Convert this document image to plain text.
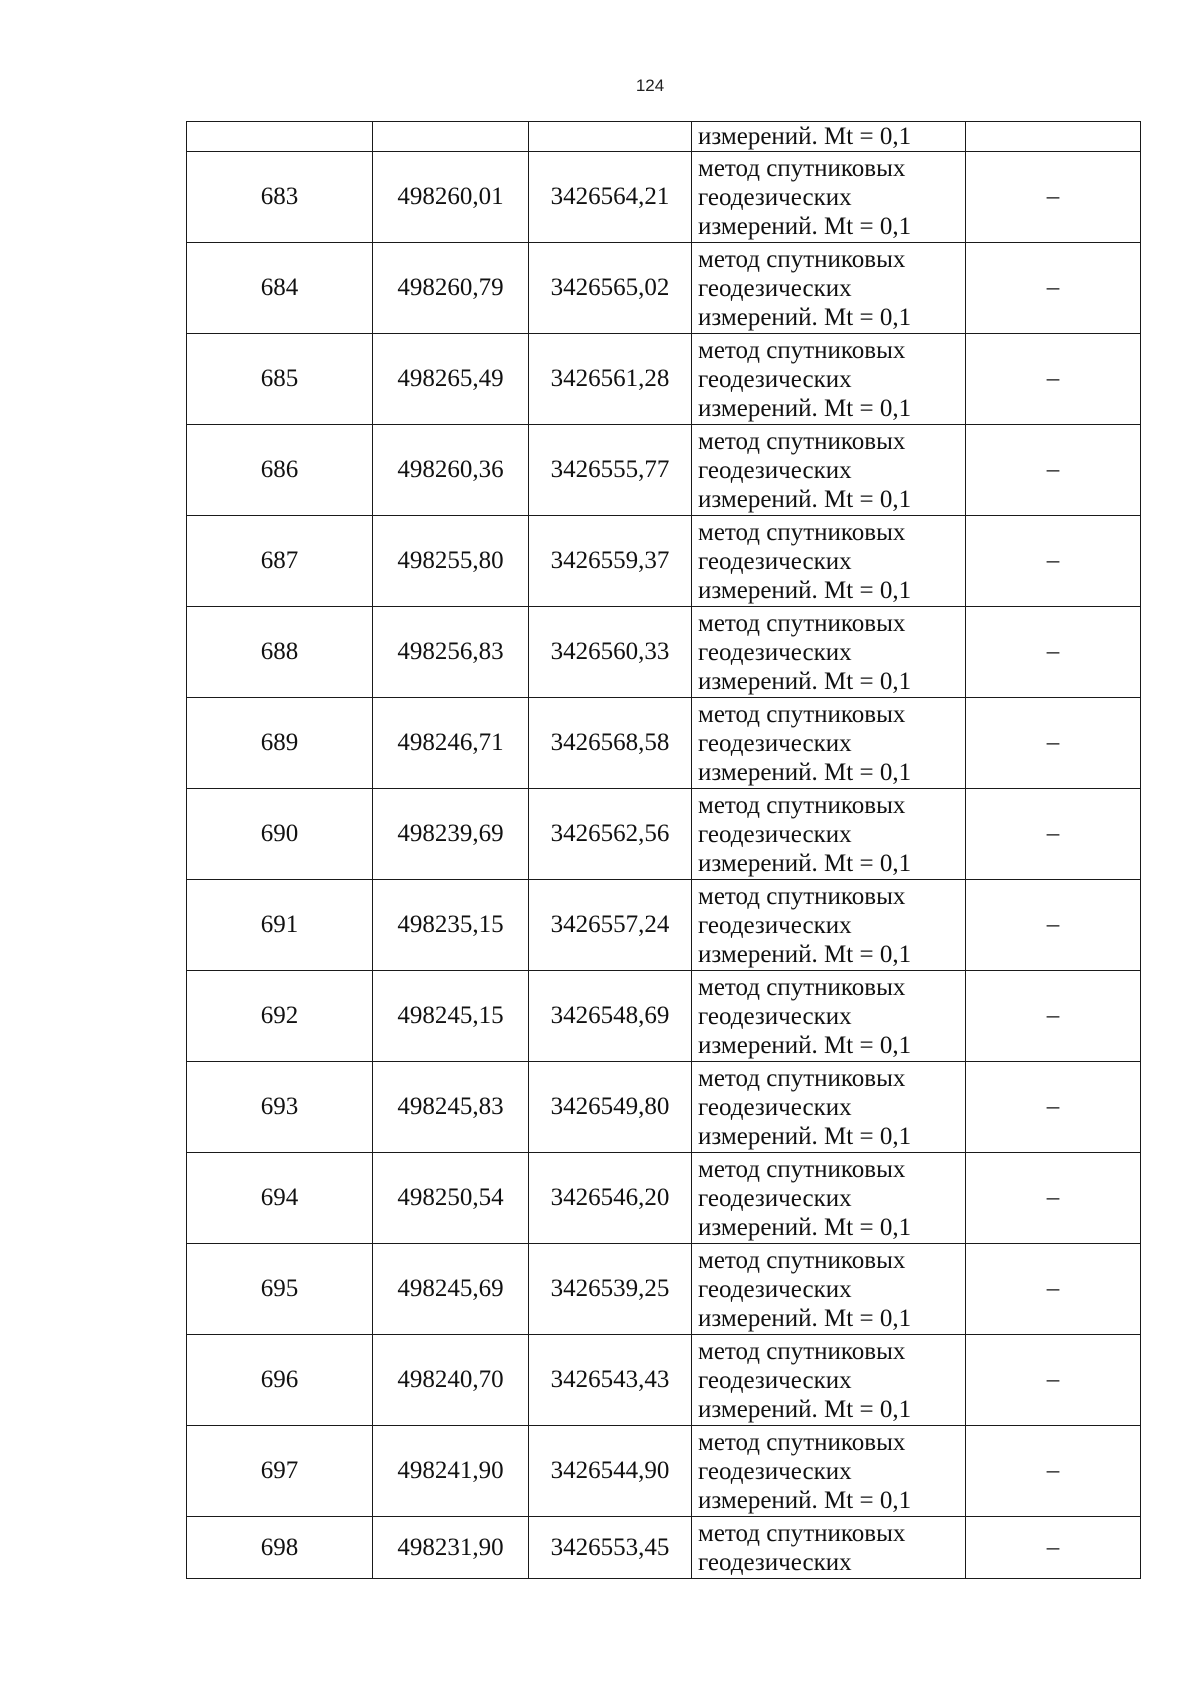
124

			измерений. Mt = 0,1	

683	498260,01	3426564,21	метод спутниковых
геодезических
измерений. Mt = 0,1	–
684	498260,79	3426565,02	метод спутниковых
геодезических
измерений. Mt = 0,1	–
685	498265,49	3426561,28	метод спутниковых
геодезических
измерений. Mt = 0,1	–
686	498260,36	3426555,77	метод спутниковых
геодезических
измерений. Mt = 0,1	–
687	498255,80	3426559,37	метод спутниковых
геодезических
измерений. Mt = 0,1	–
688	498256,83	3426560,33	метод спутниковых
геодезических
измерений. Mt = 0,1	–
689	498246,71	3426568,58	метод спутниковых
геодезических
измерений. Mt = 0,1	–
690	498239,69	3426562,56	метод спутниковых
геодезических
измерений. Mt = 0,1	–
691	498235,15	3426557,24	метод спутниковых
геодезических
измерений. Mt = 0,1	–
692	498245,15	3426548,69	метод спутниковых
геодезических
измерений. Mt = 0,1	–
693	498245,83	3426549,80	метод спутниковых
геодезических
измерений. Mt = 0,1	–
694	498250,54	3426546,20	метод спутниковых
геодезических
измерений. Mt = 0,1	–
695	498245,69	3426539,25	метод спутниковых
геодезических
измерений. Mt = 0,1	–
696	498240,70	3426543,43	метод спутниковых
геодезических
измерений. Mt = 0,1	–
697	498241,90	3426544,90	метод спутниковых
геодезических
измерений. Mt = 0,1	–
698	498231,90	3426553,45	метод спутниковых
геодезических	–
